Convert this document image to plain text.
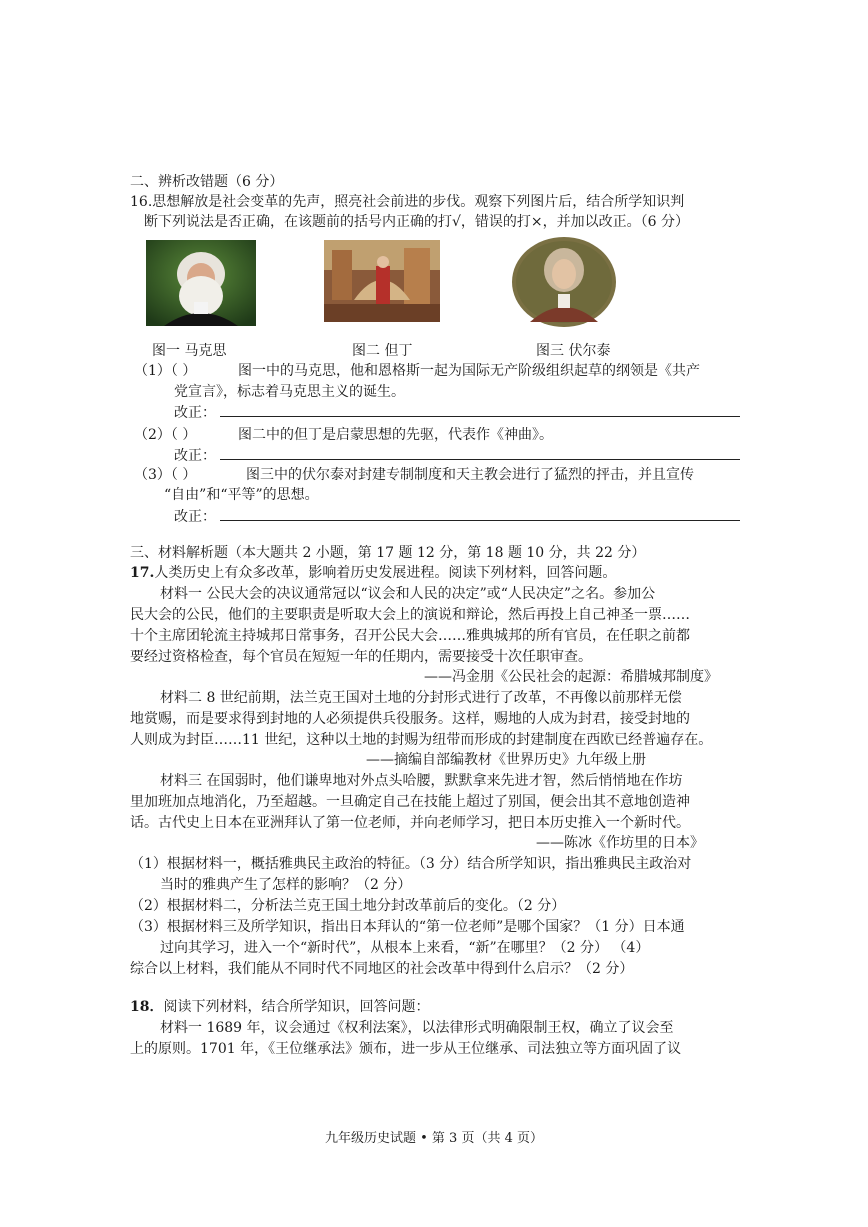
二、辨析改错题（6 分）
16.思想解放是社会变革的先声，照亮社会前进的步伐。观察下列图片后，结合所学知识判
断下列说法是否正确，在该题前的括号内正确的打√，错误的打×，并加以改正。（6 分）
图一 马克思	图二 但丁	图三 伏尔泰
（1）（ ）	图一中的马克思，他和恩格斯一起为国际无产阶级组织起草的纲领是《共产
党宣言》，标志着马克思主义的诞生。
改正：
（2）（ ）	图二中的但丁是启蒙思想的先驱，代表作《神曲》。
改正：
（3）（ ）	图三中的伏尔泰对封建专制制度和天主教会进行了猛烈的抨击，并且宣传
“自由”和“平等”的思想。
改正：
三、材料解析题（本大题共 2 小题，第 17 题 12 分，第 18 题 10 分，共 22 分）
17.人类历史上有众多改革，影响着历史发展进程。阅读下列材料，回答问题。
材料一 公民大会的决议通常冠以“议会和人民的决定”或“人民决定”之名。参加公
民大会的公民，他们的主要职责是听取大会上的演说和辩论，然后再投上自己神圣一票……
十个主席团轮流主持城邦日常事务，召开公民大会……雅典城邦的所有官员，在任职之前都
要经过资格检查，每个官员在短短一年的任期内，需要接受十次任职审查。
——冯金朋《公民社会的起源：希腊城邦制度》
材料二 8 世纪前期，法兰克王国对土地的分封形式进行了改革，不再像以前那样无偿
地赏赐，而是要求得到封地的人必须提供兵役服务。这样，赐地的人成为封君，接受封地的
人则成为封臣……11 世纪，这种以土地的封赐为纽带而形成的封建制度在西欧已经普遍存在。
——摘编自部编教材《世界历史》九年级上册
材料三 在国弱时，他们谦卑地对外点头哈腰，默默拿来先进才智，然后悄悄地在作坊
里加班加点地消化，乃至超越。一旦确定自己在技能上超过了别国，便会出其不意地创造神
话。古代史上日本在亚洲拜认了第一位老师，并向老师学习，把日本历史推入一个新时代。
——陈冰《作坊里的日本》
（1）根据材料一，概括雅典民主政治的特征。（3 分）结合所学知识，指出雅典民主政治对
当时的雅典产生了怎样的影响？（2 分）
（2）根据材料二，分析法兰克王国土地分封改革前后的变化。（2 分）
（3）根据材料三及所学知识，指出日本拜认的“第一位老师”是哪个国家？（1 分）日本通
过向其学习，进入一个“新时代”，从根本上来看，“新”在哪里？（2 分） （4）
综合以上材料，我们能从不同时代不同地区的社会改革中得到什么启示？（2 分）
18．阅读下列材料，结合所学知识，回答问题：
材料一 1689 年，议会通过《权利法案》，以法律形式明确限制王权，确立了议会至
上的原则。1701 年，《王位继承法》颁布，进一步从王位继承、司法独立等方面巩固了议
九年级历史试题 • 第 3 页（共 4 页）
